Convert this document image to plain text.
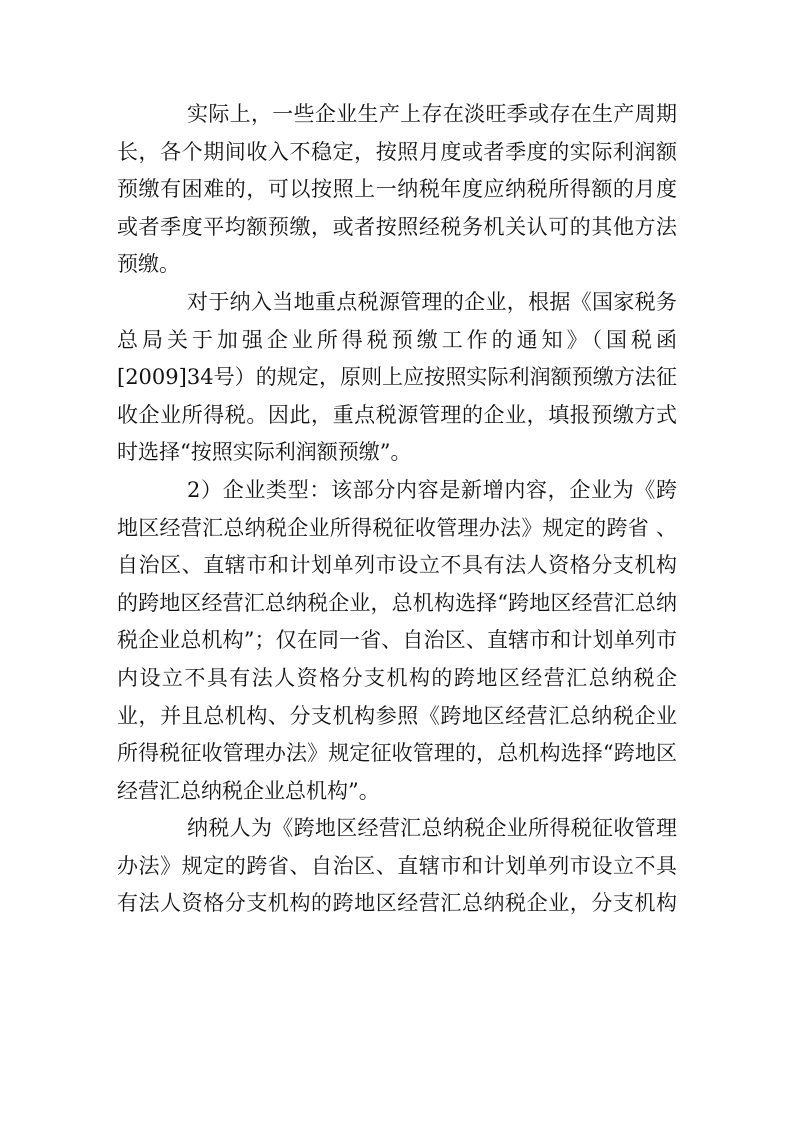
实际上，一些企业生产上存在淡旺季或存在生产周期
长，各个期间收入不稳定，按照月度或者季度的实际利润额
预缴有困难的，可以按照上一纳税年度应纳税所得额的月度
或者季度平均额预缴，或者按照经税务机关认可的其他方法
预缴。
对于纳入当地重点税源管理的企业，根据《国家税务
总局关于加强企业所得税预缴工作的通知》（国税函
[2009]34号）的规定，原则上应按照实际利润额预缴方法征
收企业所得税。因此，重点税源管理的企业，填报预缴方式
时选择“按照实际利润额预缴”。
2）企业类型：该部分内容是新增内容，企业为《跨
地区经营汇总纳税企业所得税征收管理办法》规定的跨省 、
自治区、直辖市和计划单列市设立不具有法人资格分支机构
的跨地区经营汇总纳税企业，总机构选择“跨地区经营汇总纳
税企业总机构”；仅在同一省、自治区、直辖市和计划单列市
内设立不具有法人资格分支机构的跨地区经营汇总纳税企
业，并且总机构、分支机构参照《跨地区经营汇总纳税企业
所得税征收管理办法》规定征收管理的，总机构选择“跨地区
经营汇总纳税企业总机构”。
纳税人为《跨地区经营汇总纳税企业所得税征收管理
办法》规定的跨省、自治区、直辖市和计划单列市设立不具
有法人资格分支机构的跨地区经营汇总纳税企业，分支机构
